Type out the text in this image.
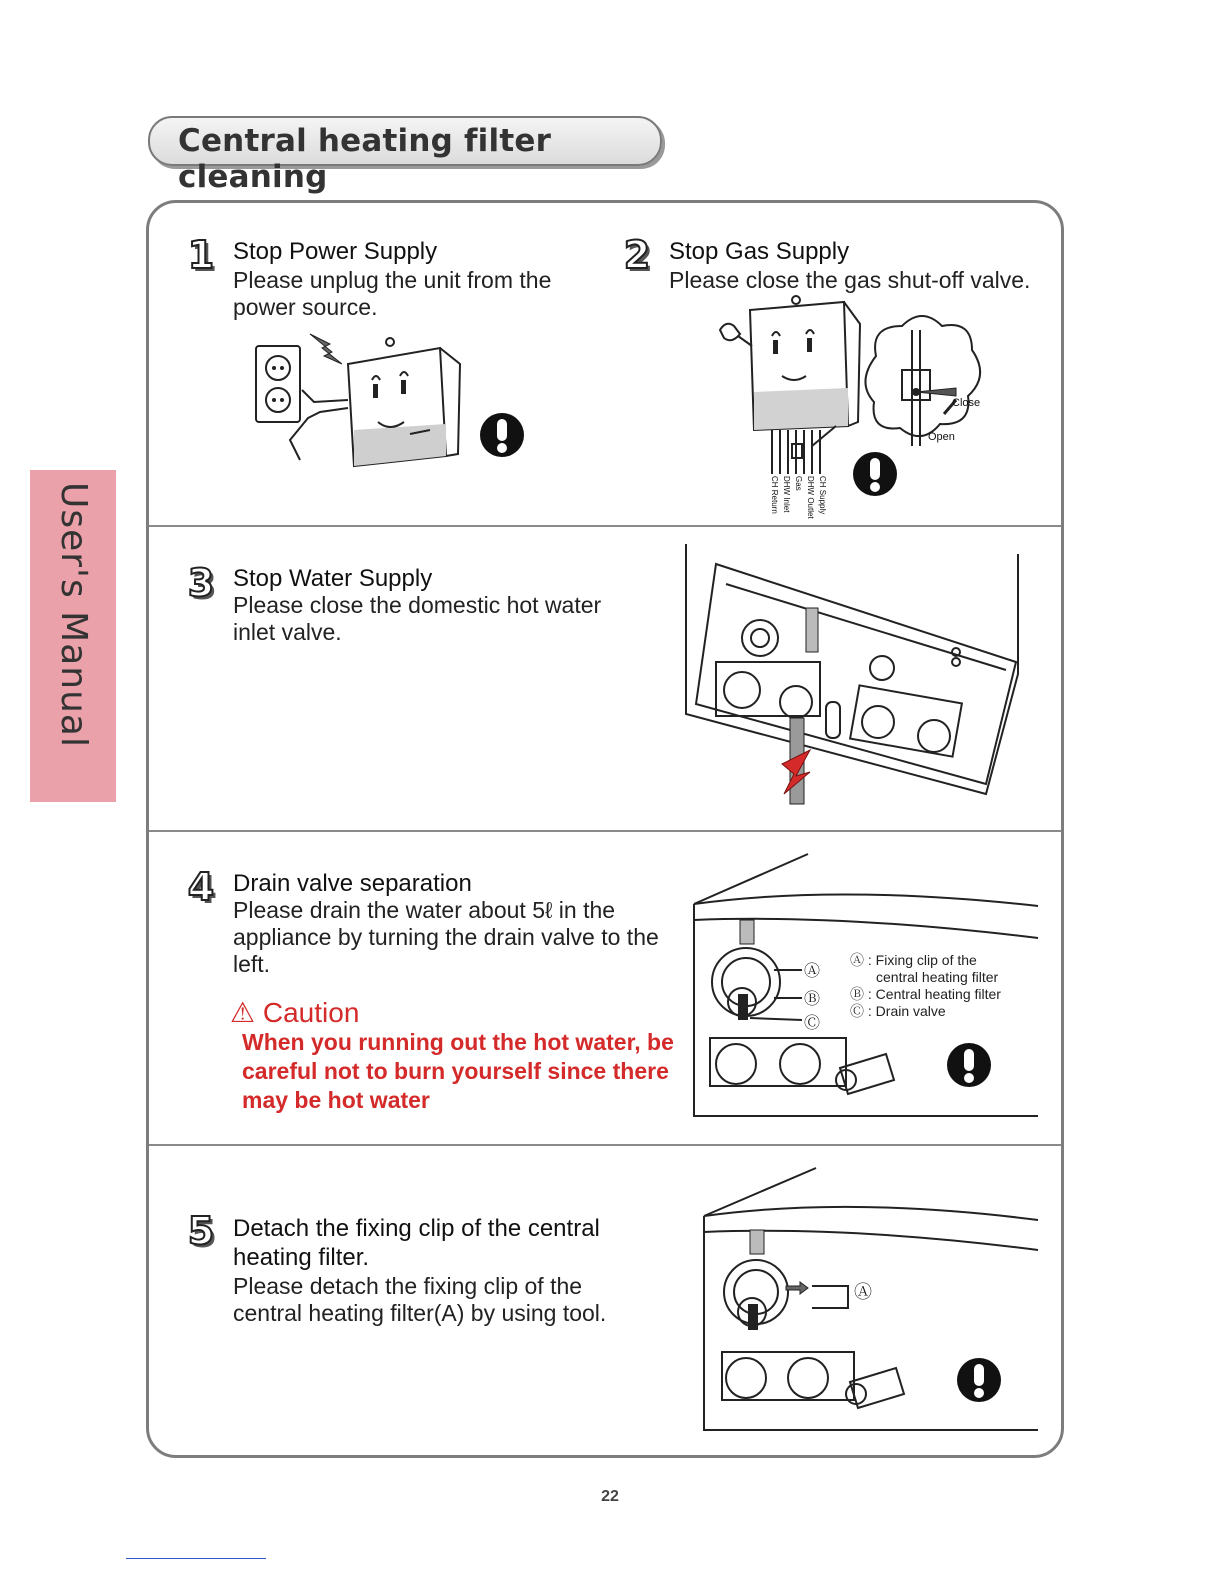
Central heating filter cleaning
User's Manual
1 Stop Power Supply
Please unplug the unit from the power source.
2 Stop Gas Supply
Please close the gas shut-off valve.
Close
Open
CH Return DHW Inlet Gas DHW Outlet CH Supply
3 Stop Water Supply
Please close the domestic hot water inlet valve.
4 Drain valve separation
Please drain the water about 5ℓ in the appliance by turning the drain valve to the left.
⚠ Caution
When you running out the hot water, be careful not to burn yourself since there may be hot water
Ⓐ
Ⓑ
Ⓒ
Ⓐ : Fixing clip of the
central heating filter
Ⓑ : Central heating filter
Ⓒ : Drain valve
5 Detach the fixing clip of the central heating filter.
Please detach the fixing clip of the central heating filter(A) by using tool.
Ⓐ
22
